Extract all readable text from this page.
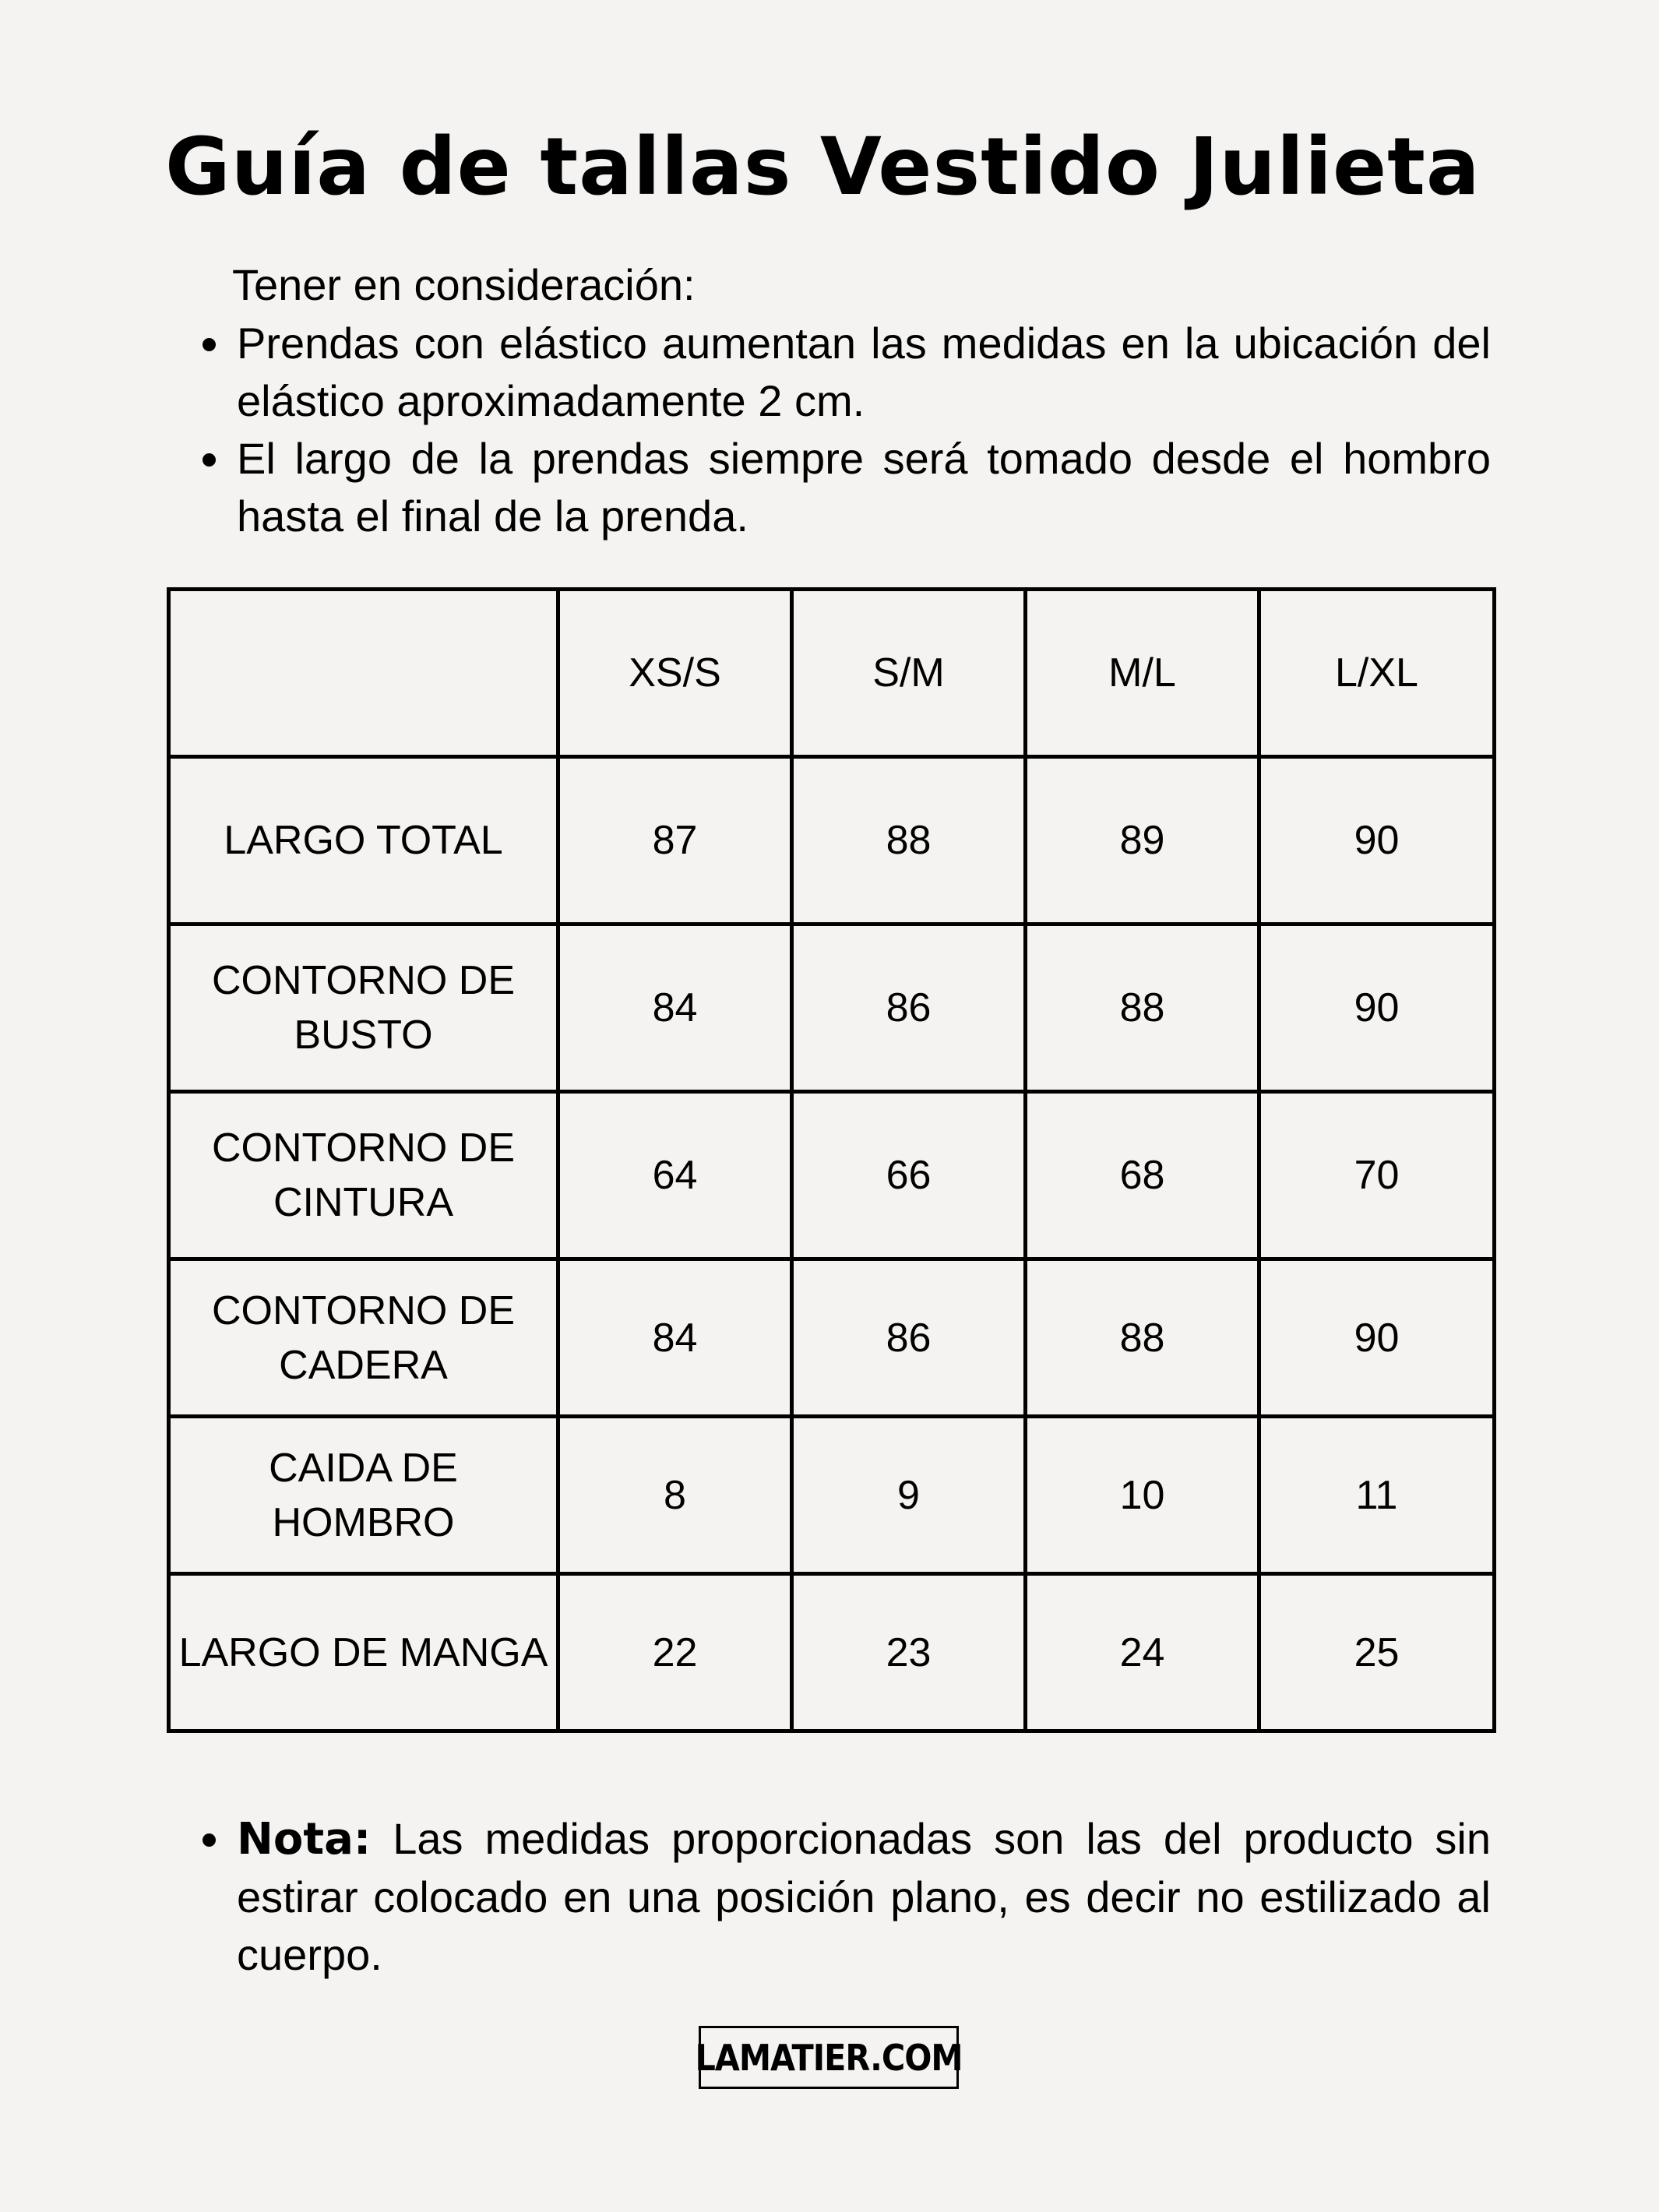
Guía de tallas Vestido Julieta

Tener en consideración:

Prendas con elástico aumentan las medidas en la ubicación del elástico aproximadamente 2 cm.
El largo de la prendas siempre será tomado desde el hombro hasta el final de la prenda.
	XS/S	S/M	M/L	L/XL
LARGO TOTAL	87	88	89	90
CONTORNO DE BUSTO	84	86	88	90
CONTORNO DE CINTURA	64	66	68	70
CONTORNO DE CADERA	84	86	88	90
CAIDA DE HOMBRO	8	9	10	11
LARGO DE MANGA	22	23	24	25
Nota: Las medidas proporcionadas son las del producto sin estirar colocado en una posición plano, es decir no estilizado al cuerpo.
LAMATIER.COM
